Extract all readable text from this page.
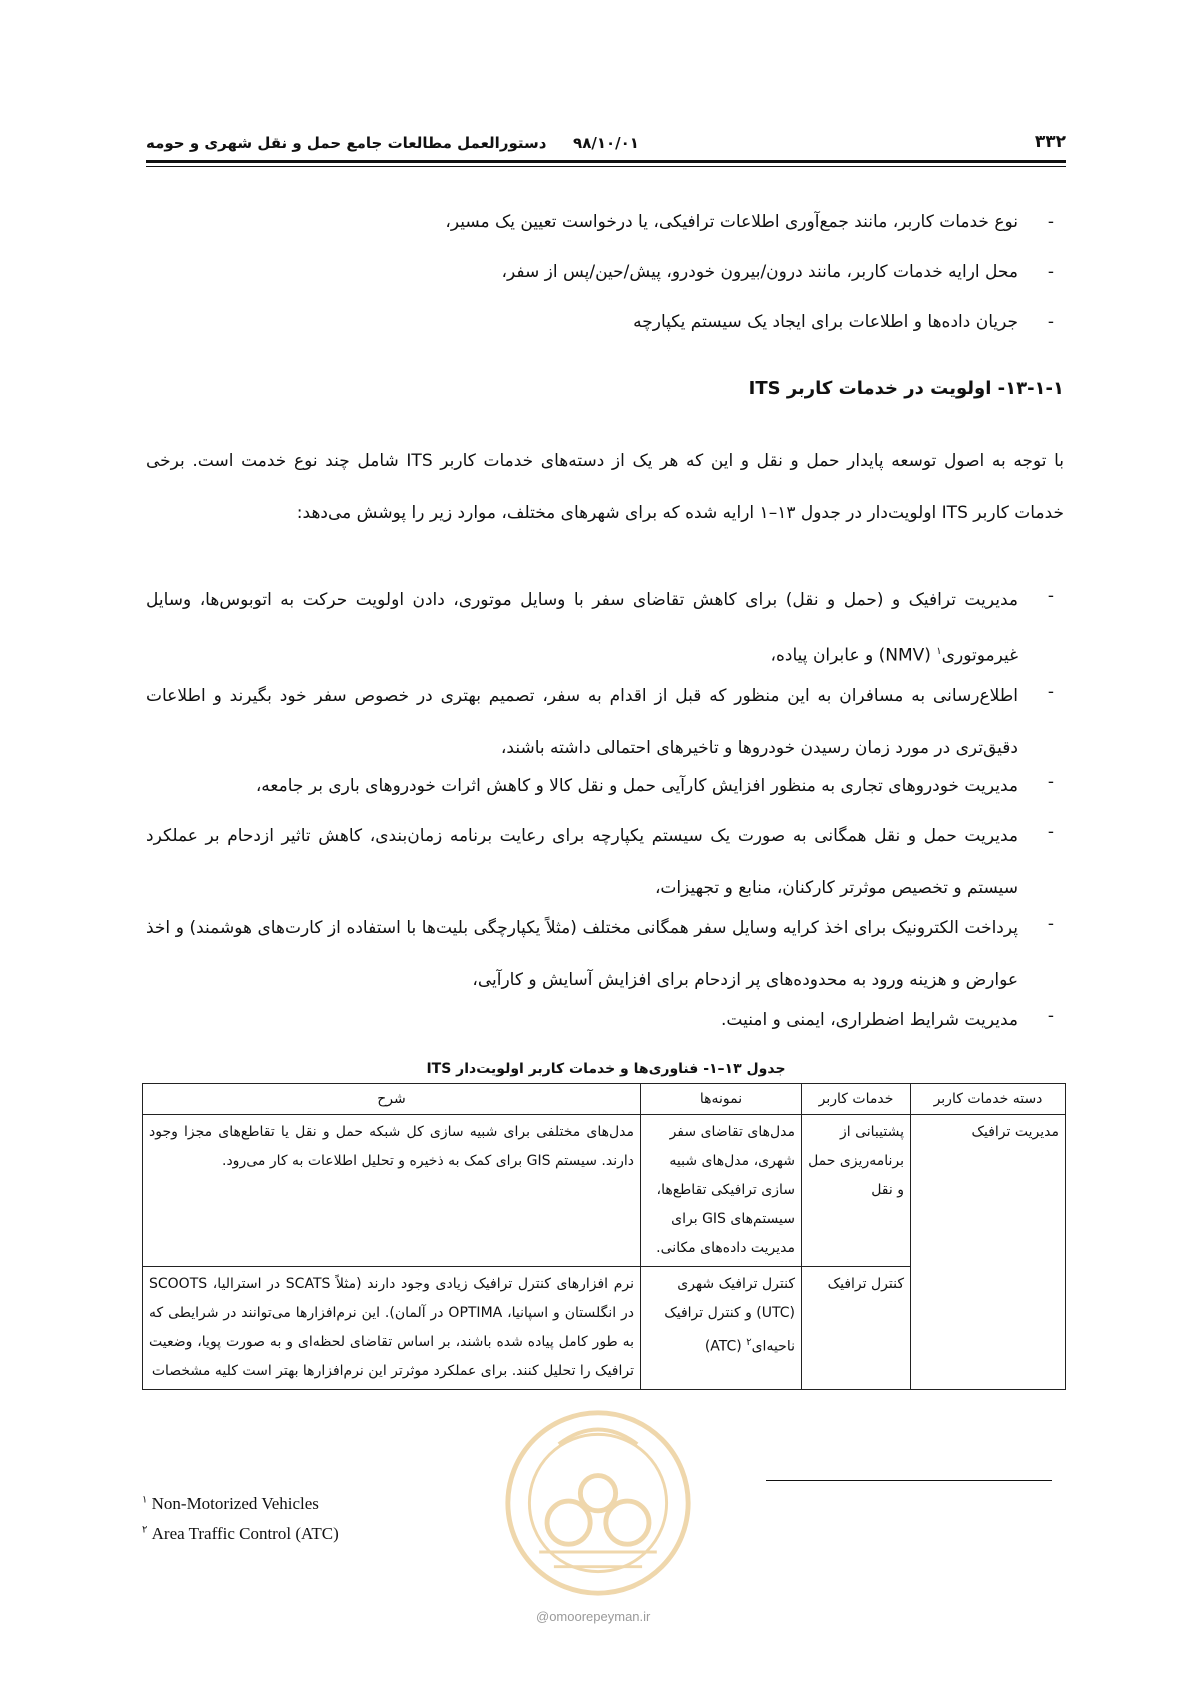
۳۳۲
۹۸/۱۰/۰۱
دستورالعمل مطالعات جامع حمل و نقل شهری و حومه
-
نوع خدمات کاربر، مانند جمع‌آوری اطلاعات ترافیکی، یا درخواست تعیین یک مسیر،
-
محل ارایه خدمات کاربر، مانند درون/بیرون خودرو، پیش/حین/پس از سفر،
-
جریان داده‌ها و اطلاعات برای ایجاد یک سیستم یکپارچه
۱۳-۱-۱- اولویت در خدمات کاربر ITS
با توجه به اصول توسعه پایدار حمل و نقل و این که هر یک از دسته‌های خدمات کاربر ITS شامل چند نوع خدمت است. برخی خدمات کاربر ITS اولویت‌دار در جدول ۱۳–۱ ارایه شده که برای شهرهای مختلف، موارد زیر را پوشش می‌دهد:
-
مدیریت ترافیک و (حمل و نقل) برای کاهش تقاضای سفر با وسایل موتوری، دادن اولویت حرکت به اتوبوس‌ها، وسایل غیرموتوری$^۱$ (NMV) و عابران پیاده،
-
اطلاع‌رسانی به مسافران به این منظور که قبل از اقدام به سفر، تصمیم بهتری در خصوص سفر خود بگیرند و اطلاعات دقیق‌تری در مورد زمان رسیدن خودروها و تاخیرهای احتمالی داشته باشند،
-
مدیریت خودروهای تجاری به منظور افزایش کارآیی حمل و نقل کالا و کاهش اثرات خودروهای باری بر جامعه،
-
مدیریت حمل و نقل همگانی به صورت یک سیستم یکپارچه برای رعایت برنامه زمان‌بندی، کاهش تاثیر ازدحام بر عملکرد سیستم و تخصیص موثرتر کارکنان، منابع و تجهیزات،
-
پرداخت الکترونیک برای اخذ کرایه وسایل سفر همگانی مختلف (مثلاً یکپارچگی بلیت‌ها با استفاده از کارت‌های هوشمند) و اخذ عوارض و هزینه ورود به محدوده‌های پر ازدحام برای افزایش آسایش و کارآیی،
-
مدیریت شرایط اضطراری، ایمنی و امنیت.
جدول ۱۳–۱- فناوری‌ها و خدمات کاربر اولویت‌دار ITS
دسته خدمات کاربر	خدمات کاربر	نمونه‌ها	شرح
مدیریت ترافیک	پشتیبانی از برنامه‌ریزی حمل و نقل	مدل‌های تقاضای سفر شهری، مدل‌های شبیه سازی ترافیکی تقاطع‌ها، سیستم‌های GIS برای مدیریت داده‌های مکانی.	مدل‌های مختلفی برای شبیه سازی کل شبکه حمل و نقل یا تقاطع‌های مجزا وجود دارند. سیستم GIS برای کمک به ذخیره و تحلیل اطلاعات به کار می‌رود.
	کنترل ترافیک	کنترل ترافیک شهری (UTC) و کنترل ترافیک ناحیه‌ای$^۲$ (ATC)	نرم افزارهای کنترل ترافیک زیادی وجود دارند (مثلاً SCATS در استرالیا، SCOOTS در انگلستان و اسپانیا، OPTIMA در آلمان). این نرم‌افزارها می‌توانند در شرایطی که به طور کامل پیاده شده باشند، بر اساس تقاضای لحظه‌ای و به صورت پویا، وضعیت ترافیک را تحلیل کنند. برای عملکرد موثرتر این نرم‌افزارها بهتر است کلیه مشخصات
@omoorepeyman.ir
$^۱$ Non-Motorized Vehicles
$^۲$ Area Traffic Control (ATC)
